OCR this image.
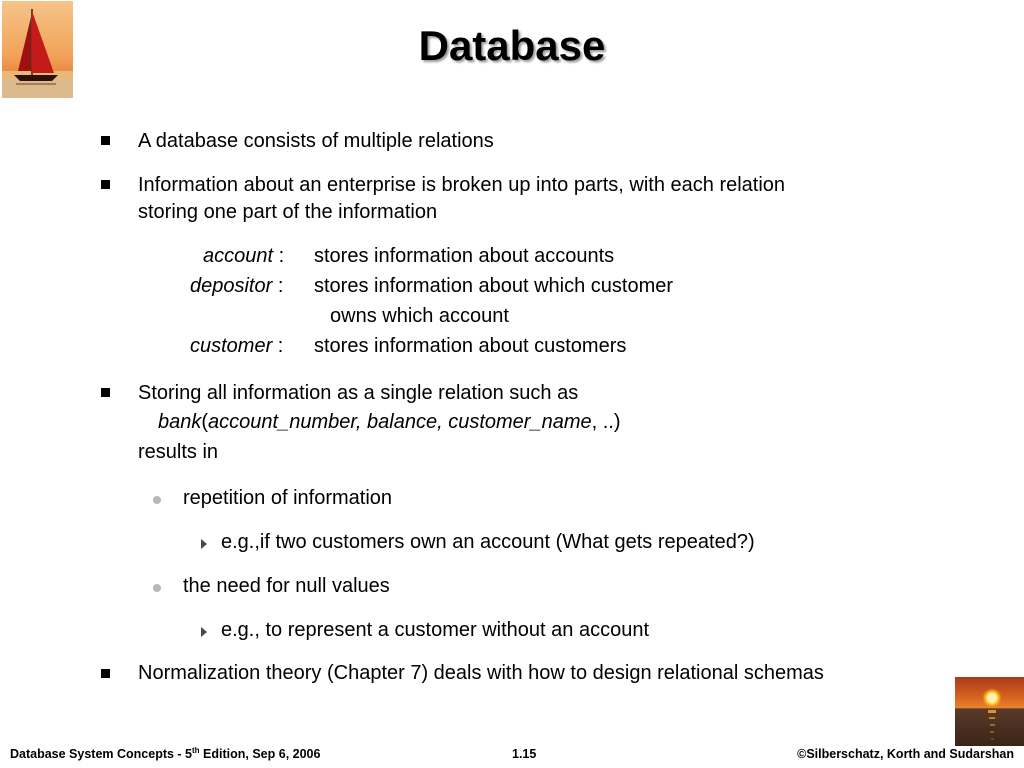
Database
A database consists of multiple relations
Information about an enterprise is broken up into parts, with each relation
storing one part of the information
account : stores information about accounts
depositor : stores information about which customer
owns which account
customer : stores information about customers
Storing all information as a single relation such as
bank(account_number, balance, customer_name, ..)
results in
repetition of information
e.g.,if two customers own an account (What gets repeated?)
the need for null values
e.g., to represent a customer without an account
Normalization theory (Chapter 7) deals with how to design relational schemas
Database System Concepts - 5th Edition, Sep 6, 2006	1.15	©Silberschatz, Korth and Sudarshan
